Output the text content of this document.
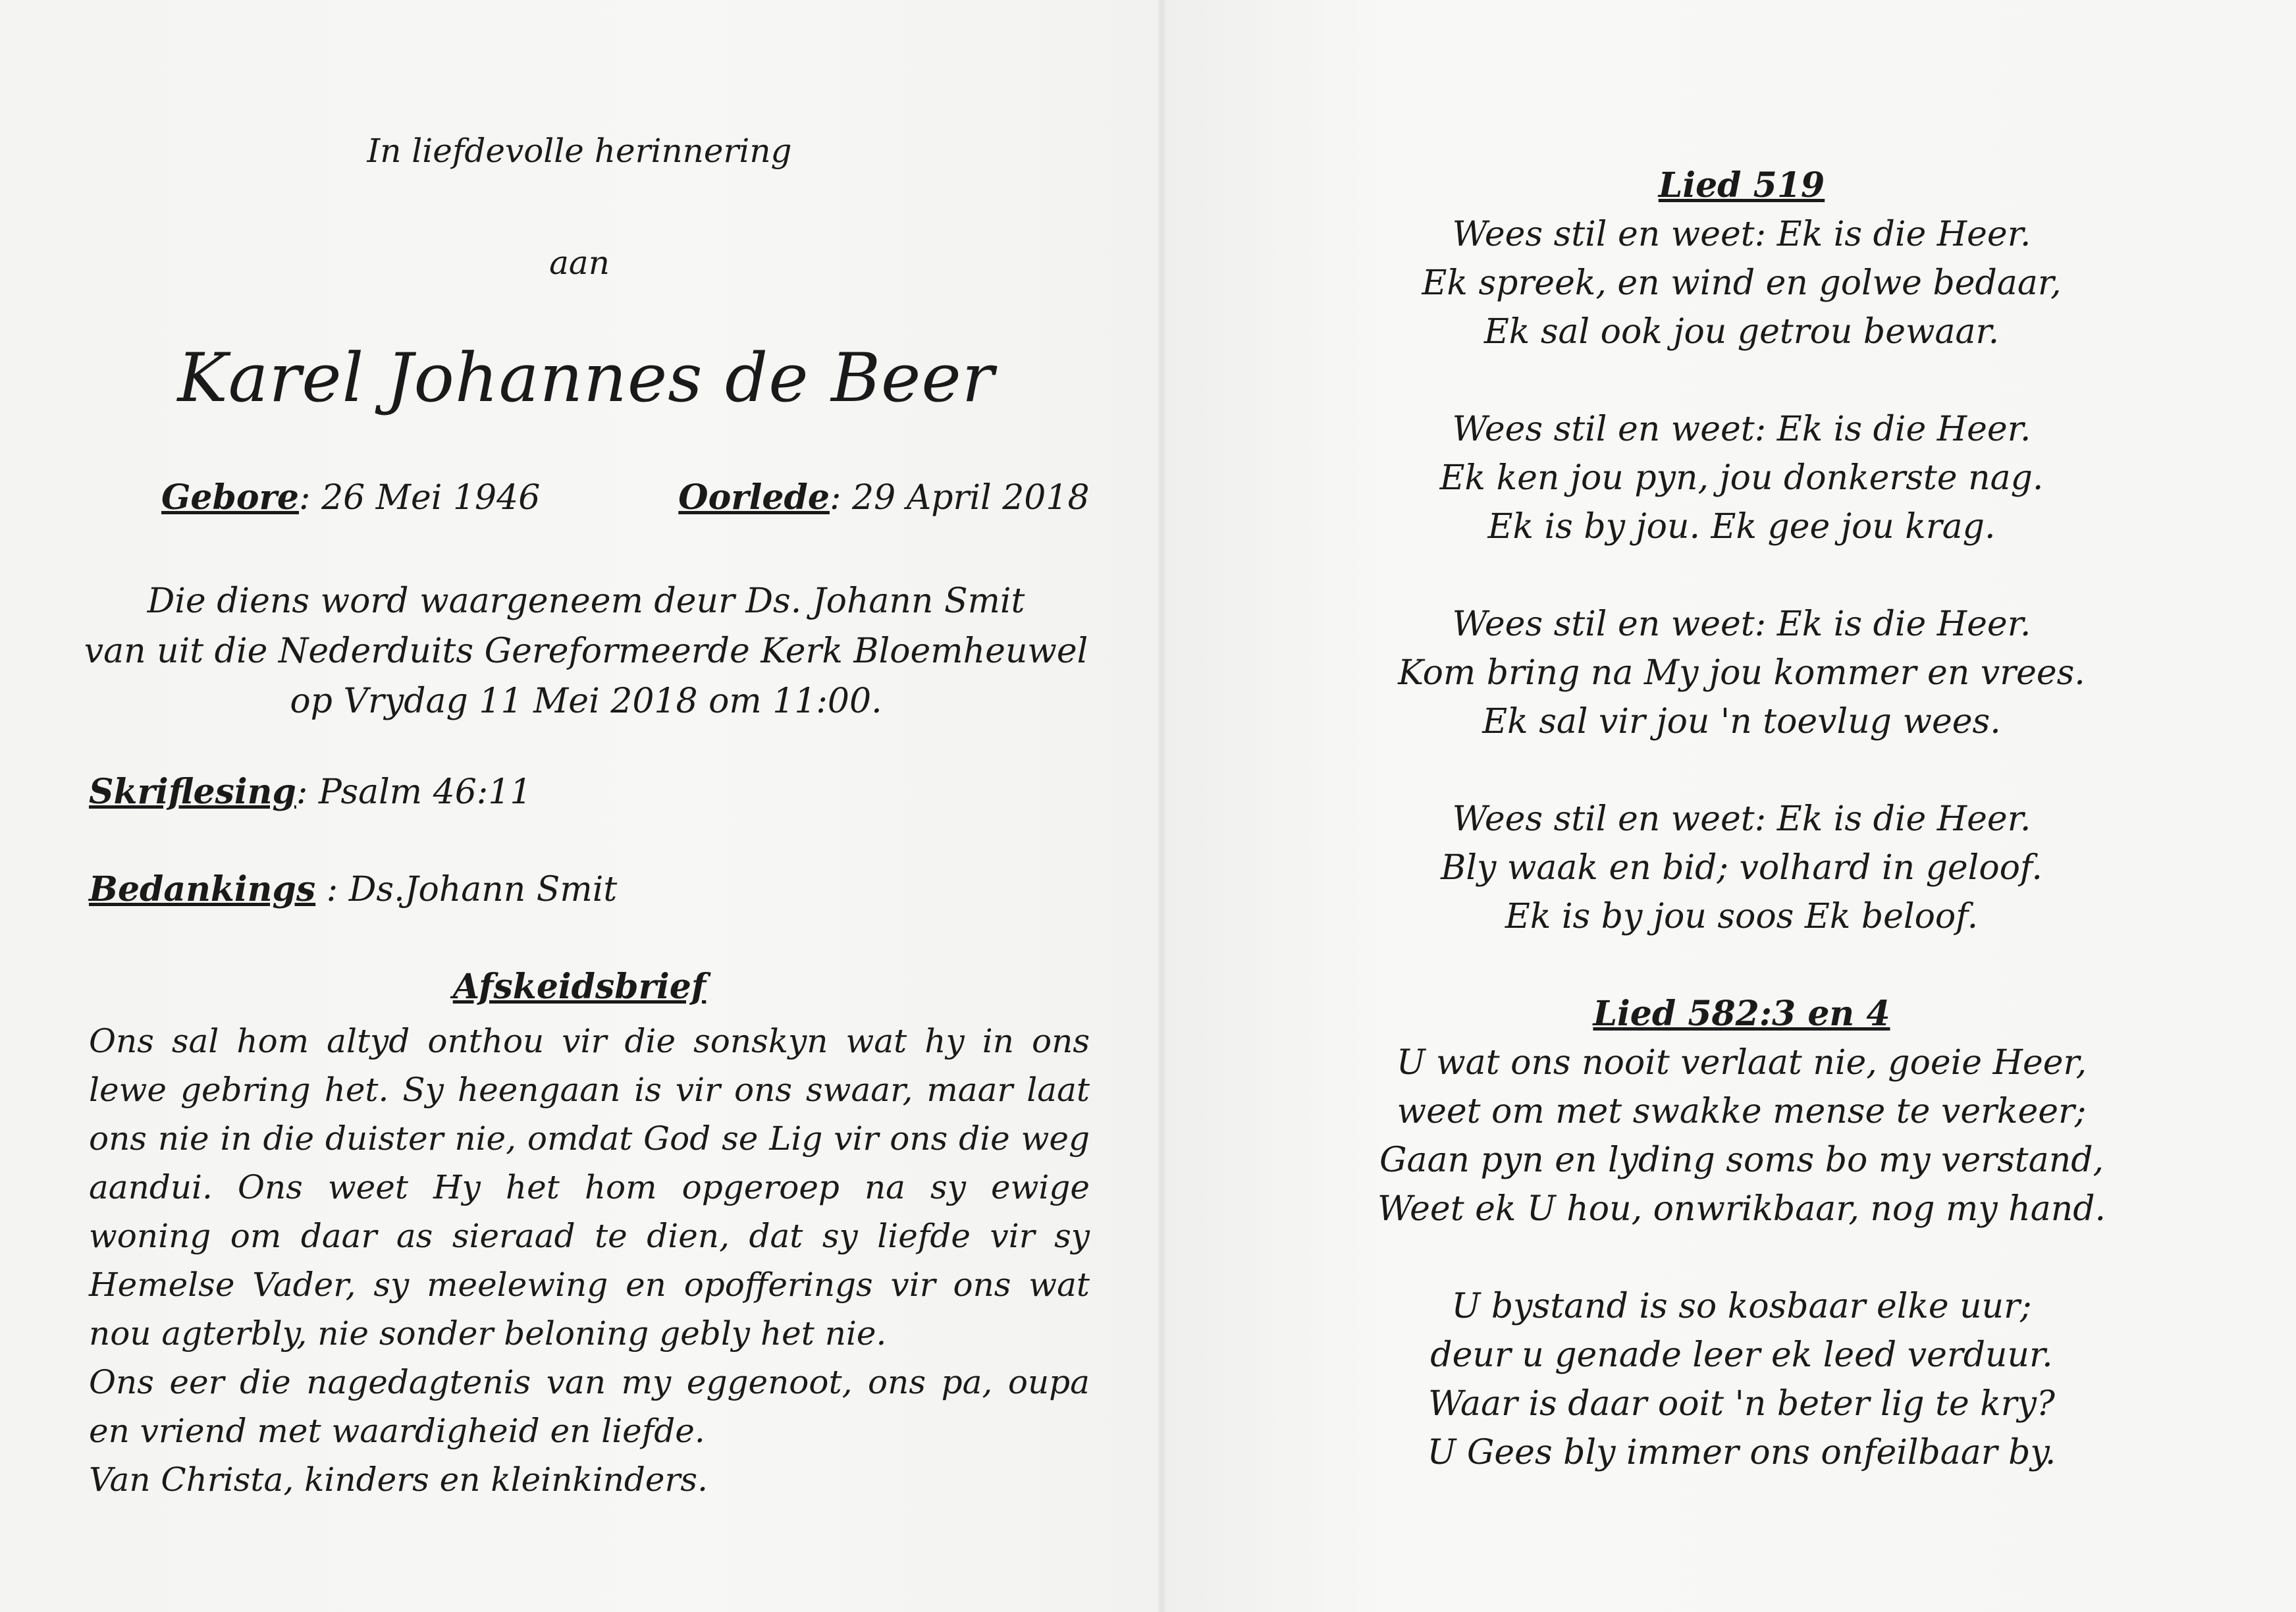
In liefdevolle herinnering
aan
Karel Johannes de Beer
Gebore: 26 Mei 1946	Oorlede: 29 April 2018
Die diens word waargeneem deur Ds. Johann Smit
van uit die Nederduits Gereformeerde Kerk Bloemheuwel
op Vrydag 11 Mei 2018 om 11:00.
Skriflesing: Psalm 46:11
Bedankings : Ds.Johann Smit
Afskeidsbrief
Ons sal hom altyd onthou vir die sonskyn wat hy in ons lewe gebring het. Sy heengaan is vir ons swaar, maar laat ons nie in die duister nie, omdat God se Lig vir ons die weg aandui. Ons weet Hy het hom opgeroep na sy ewige woning om daar as sieraad te dien, dat sy liefde vir sy Hemelse Vader, sy meelewing en opofferings vir ons wat nou agterbly, nie sonder beloning gebly het nie.
Ons eer die nagedagtenis van my eggenoot, ons pa, oupa en vriend met waardigheid en liefde.
Van Christa, kinders en kleinkinders.
Lied 519
Wees stil en weet: Ek is die Heer.
Ek spreek, en wind en golwe bedaar,
Ek sal ook jou getrou bewaar.
Wees stil en weet: Ek is die Heer.
Ek ken jou pyn, jou donkerste nag.
Ek is by jou. Ek gee jou krag.
Wees stil en weet: Ek is die Heer.
Kom bring na My jou kommer en vrees.
Ek sal vir jou 'n toevlug wees.
Wees stil en weet: Ek is die Heer.
Bly waak en bid; volhard in geloof.
Ek is by jou soos Ek beloof.
Lied 582:3 en 4
U wat ons nooit verlaat nie, goeie Heer,
weet om met swakke mense te verkeer;
Gaan pyn en lyding soms bo my verstand,
Weet ek U hou, onwrikbaar, nog my hand.
U bystand is so kosbaar elke uur;
deur u genade leer ek leed verduur.
Waar is daar ooit 'n beter lig te kry?
U Gees bly immer ons onfeilbaar by.
